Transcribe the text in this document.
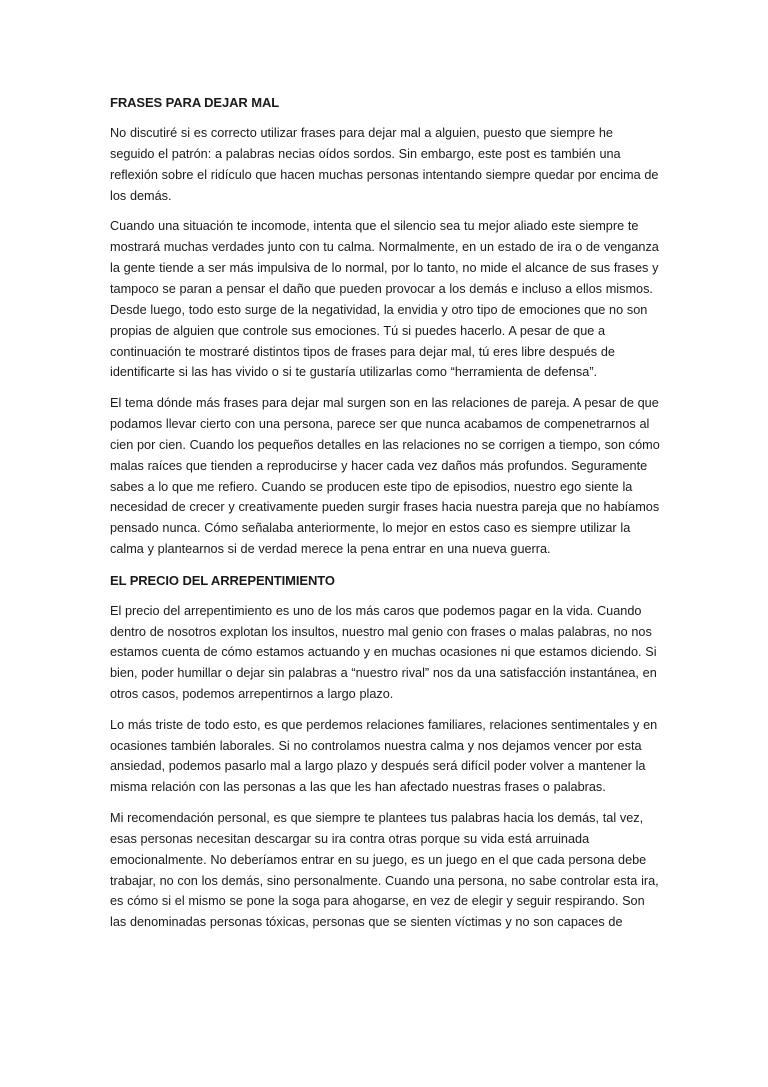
FRASES PARA DEJAR MAL

No discutiré si es correcto utilizar frases para dejar mal a alguien, puesto que siempre he seguido el patrón: a palabras necias oídos sordos. Sin embargo, este post es también una reflexión sobre el ridículo que hacen muchas personas intentando siempre quedar por encima de los demás.

Cuando una situación te incomode, intenta que el silencio sea tu mejor aliado este siempre te mostrará muchas verdades junto con tu calma. Normalmente, en un estado de ira o de venganza la gente tiende a ser más impulsiva de lo normal, por lo tanto, no mide el alcance de sus frases y tampoco se paran a pensar el daño que pueden provocar a los demás e incluso a ellos mismos. Desde luego, todo esto surge de la negatividad, la envidia y otro tipo de emociones que no son propias de alguien que controle sus emociones. Tú si puedes hacerlo. A pesar de que a continuación te mostraré distintos tipos de frases para dejar mal, tú eres libre después de identificarte si las has vivido o si te gustaría utilizarlas como “herramienta de defensa”.

El tema dónde más frases para dejar mal surgen son en las relaciones de pareja. A pesar de que podamos llevar cierto con una persona, parece ser que nunca acabamos de compenetrarnos al cien por cien. Cuando los pequeños detalles en las relaciones no se corrigen a tiempo, son cómo malas raíces que tienden a reproducirse y hacer cada vez daños más profundos. Seguramente sabes a lo que me refiero. Cuando se producen este tipo de episodios, nuestro ego siente la necesidad de crecer y creativamente pueden surgir frases hacia nuestra pareja que no habíamos pensado nunca. Cómo señalaba anteriormente, lo mejor en estos caso es siempre utilizar la calma y plantearnos si de verdad merece la pena entrar en una nueva guerra.

EL PRECIO DEL ARREPENTIMIENTO

El precio del arrepentimiento es uno de los más caros que podemos pagar en la vida. Cuando dentro de nosotros explotan los insultos, nuestro mal genio con frases o malas palabras, no nos estamos cuenta de cómo estamos actuando y en muchas ocasiones ni que estamos diciendo. Si bien, poder humillar o dejar sin palabras a “nuestro rival” nos da una satisfacción instantánea, en otros casos, podemos arrepentirnos a largo plazo.

Lo más triste de todo esto, es que perdemos relaciones familiares, relaciones sentimentales y en ocasiones también laborales. Si no controlamos nuestra calma y nos dejamos vencer por esta ansiedad, podemos pasarlo mal a largo plazo y después será difícil poder volver a mantener la misma relación con las personas a las que les han afectado nuestras frases o palabras.

Mi recomendación personal, es que siempre te plantees tus palabras hacia los demás, tal vez, esas personas necesitan descargar su ira contra otras porque su vida está arruinada emocionalmente. No deberíamos entrar en su juego, es un juego en el que cada persona debe trabajar, no con los demás, sino personalmente. Cuando una persona, no sabe controlar esta ira, es cómo si el mismo se pone la soga para ahogarse, en vez de elegir y seguir respirando. Son las denominadas personas tóxicas, personas que se sienten víctimas y no son capaces de
